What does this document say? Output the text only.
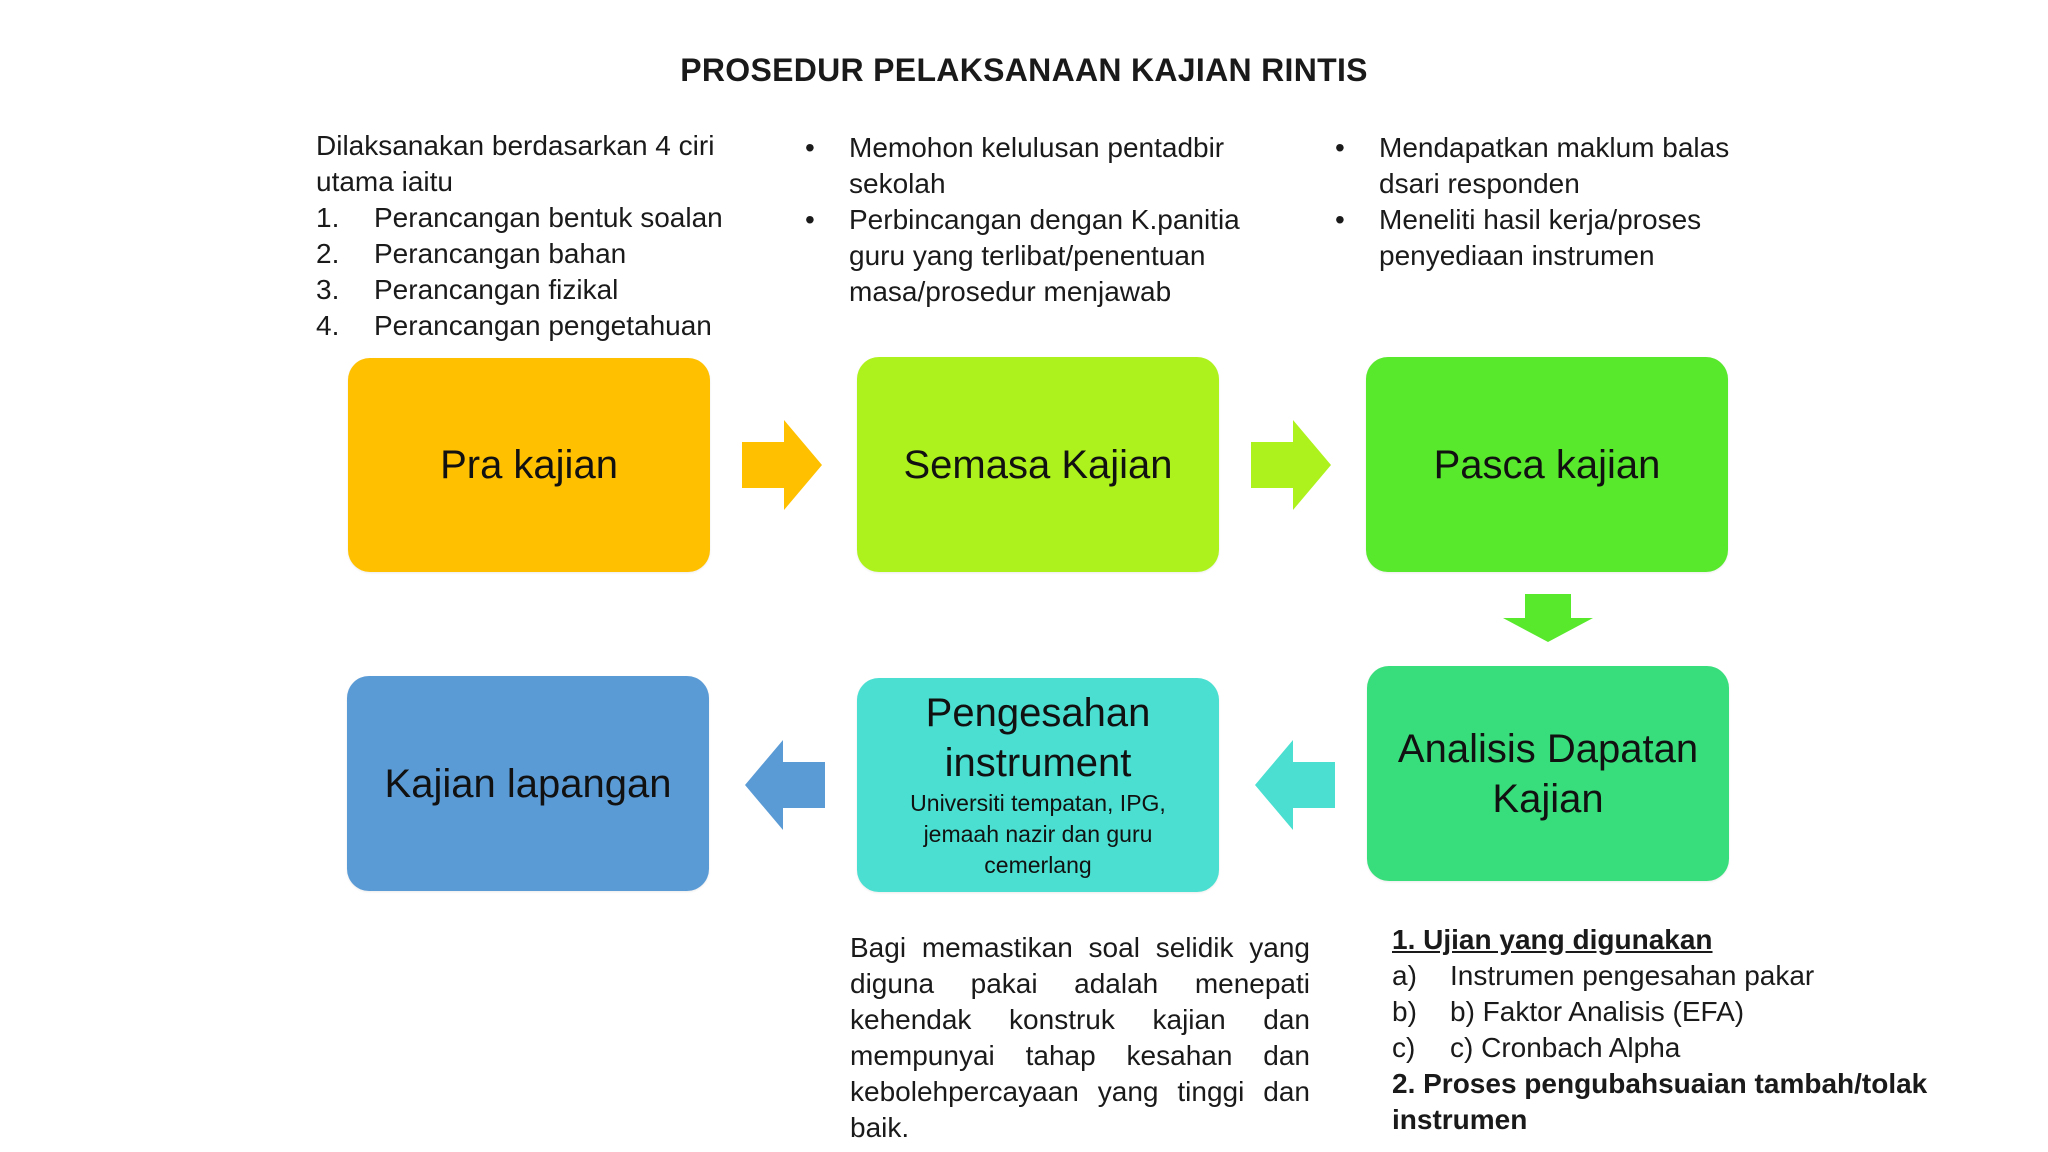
PROSEDUR PELAKSANAAN KAJIAN RINTIS
Dilaksanakan berdasarkan 4 ciri utama iaitu
1.	Perancangan bentuk soalan
2.	Perancangan bahan
3.	Perancangan fizikal
4.	Perancangan pengetahuan
•	Memohon kelulusan pentadbir sekolah
•	Perbincangan dengan K.panitia guru yang terlibat/penentuan masa/prosedur menjawab
•	Mendapatkan maklum balas dsari responden
•	Meneliti hasil kerja/proses penyediaan instrumen
Pra kajian	Semasa Kajian	Pasca kajian
Analisis Dapatan
Kajian
Pengesahan
instrument
Universiti tempatan, IPG, jemaah nazir dan guru cemerlang
Kajian lapangan
Bagi memastikan soal selidik yang diguna pakai adalah menepati kehendak konstruk kajian dan mempunyai tahap kesahan dan kebolehpercayaan yang tinggi dan baik.
1. Ujian yang digunakan
a)	Instrumen pengesahan pakar
b)	b) Faktor Analisis (EFA)
c)	c) Cronbach Alpha
2. Proses pengubahsuaian tambah/tolak instrumen
